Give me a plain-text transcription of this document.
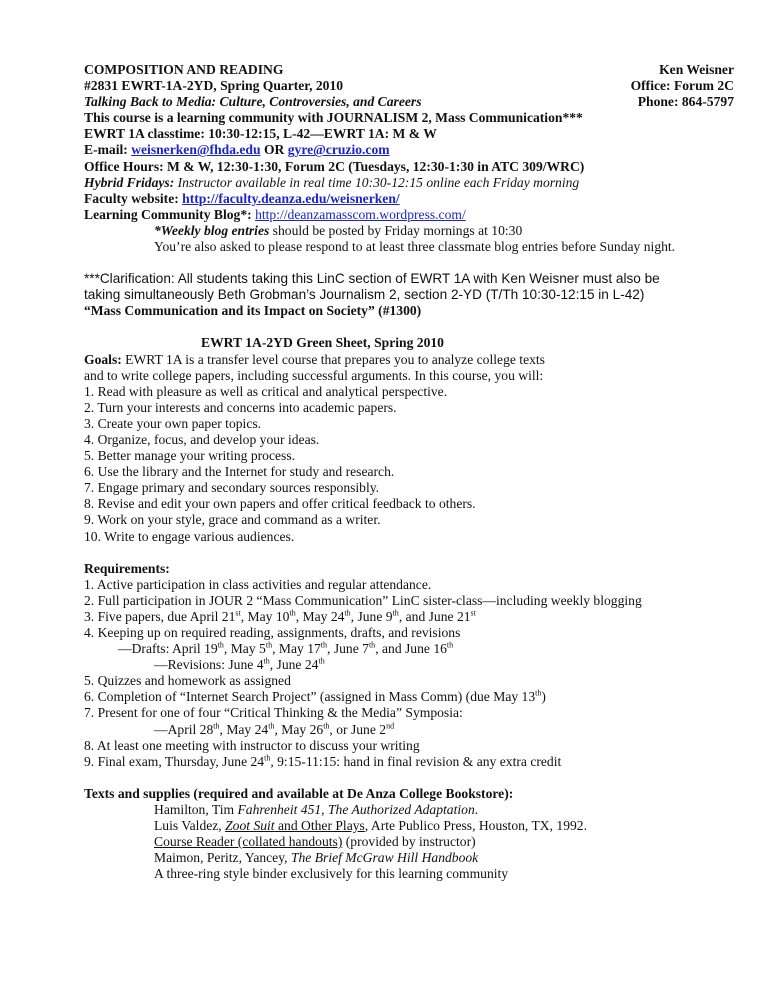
COMPOSITION AND READING	Ken Weisner
#2831 EWRT-1A-2YD, Spring Quarter, 2010	Office: Forum 2C
Talking Back to Media: Culture, Controversies, and Careers	Phone: 864-5797
This course is a learning community with JOURNALISM 2, Mass Communication***
EWRT 1A classtime: 10:30-12:15, L-42—EWRT 1A: M & W
E-mail: weisnerken@fhda.edu OR gyre@cruzio.com
Office Hours: M & W, 12:30-1:30, Forum 2C (Tuesdays, 12:30-1:30 in ATC 309/WRC)
Hybrid Fridays: Instructor available in real time 10:30-12:15 online each Friday morning
Faculty website: http://faculty.deanza.edu/weisnerken/
Learning Community Blog*: http://deanzamasscom.wordpress.com/
*Weekly blog entries should be posted by Friday mornings at 10:30
You’re also asked to please respond to at least three classmate blog entries before Sunday night.
***Clarification: All students taking this LinC section of EWRT 1A with Ken Weisner must also be
taking simultaneously Beth Grobman’s Journalism 2, section 2-YD (T/Th 10:30-12:15 in L-42)
“Mass Communication and its Impact on Society” (#1300)
EWRT 1A-2YD Green Sheet, Spring 2010
Goals: EWRT 1A is a transfer level course that prepares you to analyze college texts
and to write college papers, including successful arguments. In this course, you will:
1. Read with pleasure as well as critical and analytical perspective.
2. Turn your interests and concerns into academic papers.
3. Create your own paper topics.
4. Organize, focus, and develop your ideas.
5. Better manage your writing process.
6. Use the library and the Internet for study and research.
7. Engage primary and secondary sources responsibly.
8. Revise and edit your own papers and offer critical feedback to others.
9. Work on your style, grace and command as a writer.
10. Write to engage various audiences.
Requirements:
1. Active participation in class activities and regular attendance.
2. Full participation in JOUR 2 “Mass Communication” LinC sister-class—including weekly blogging
3. Five papers, due April 21st, May 10th, May 24th, June 9th, and June 21st
4. Keeping up on required reading, assignments, drafts, and revisions
—Drafts: April 19th, May 5th, May 17th, June 7th, and June 16th
—Revisions: June 4th, June 24th
5. Quizzes and homework as assigned
6. Completion of “Internet Search Project” (assigned in Mass Comm) (due May 13th)
7. Present for one of four “Critical Thinking & the Media” Symposia:
—April 28th, May 24th, May 26th, or June 2nd
8. At least one meeting with instructor to discuss your writing
9. Final exam, Thursday, June 24th, 9:15-11:15: hand in final revision & any extra credit
Texts and supplies (required and available at De Anza College Bookstore):
Hamilton, Tim Fahrenheit 451, The Authorized Adaptation.
Luis Valdez, Zoot Suit and Other Plays, Arte Publico Press, Houston, TX, 1992.
Course Reader (collated handouts) (provided by instructor)
Maimon, Peritz, Yancey, The Brief McGraw Hill Handbook
A three-ring style binder exclusively for this learning community
